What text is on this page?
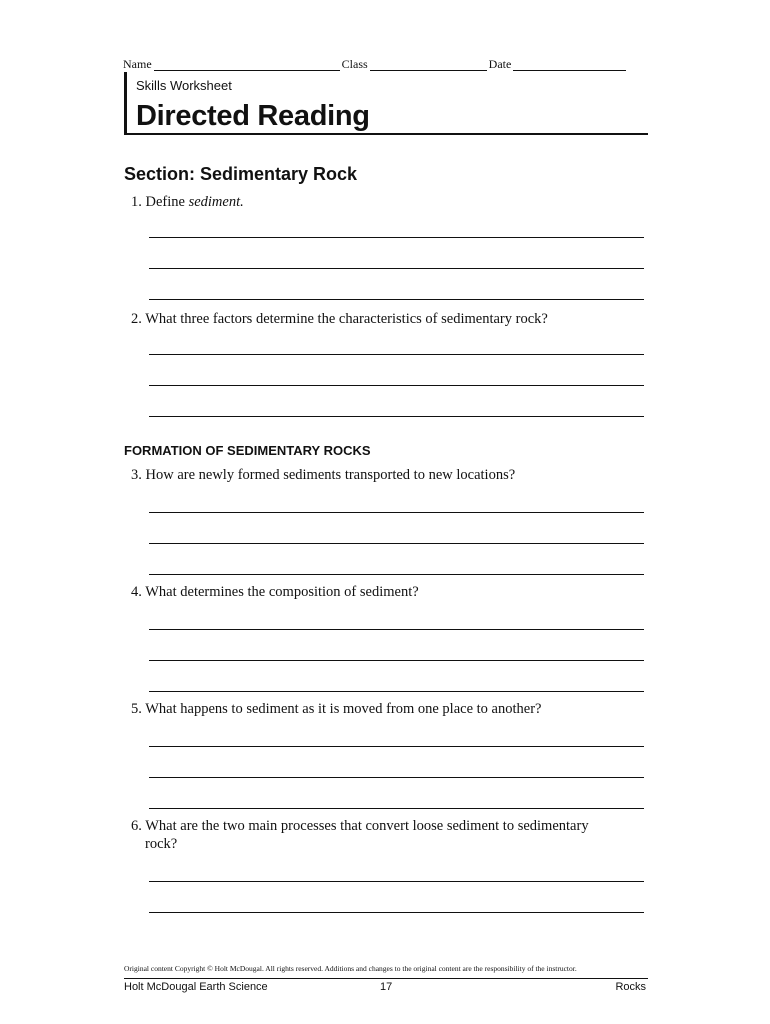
Name	Class	Date
Skills Worksheet
Directed Reading
Section: Sedimentary Rock
1. Define sediment.
2. What three factors determine the characteristics of sedimentary rock?
FORMATION OF SEDIMENTARY ROCKS
3. How are newly formed sediments transported to new locations?
4. What determines the composition of sediment?
5. What happens to sediment as it is moved from one place to another?
6. What are the two main processes that convert loose sediment to sedimentary
rock?
Original content Copyright © Holt McDougal. All rights reserved. Additions and changes to the original content are the responsibility of the instructor.
Holt McDougal Earth Science	17	Rocks
